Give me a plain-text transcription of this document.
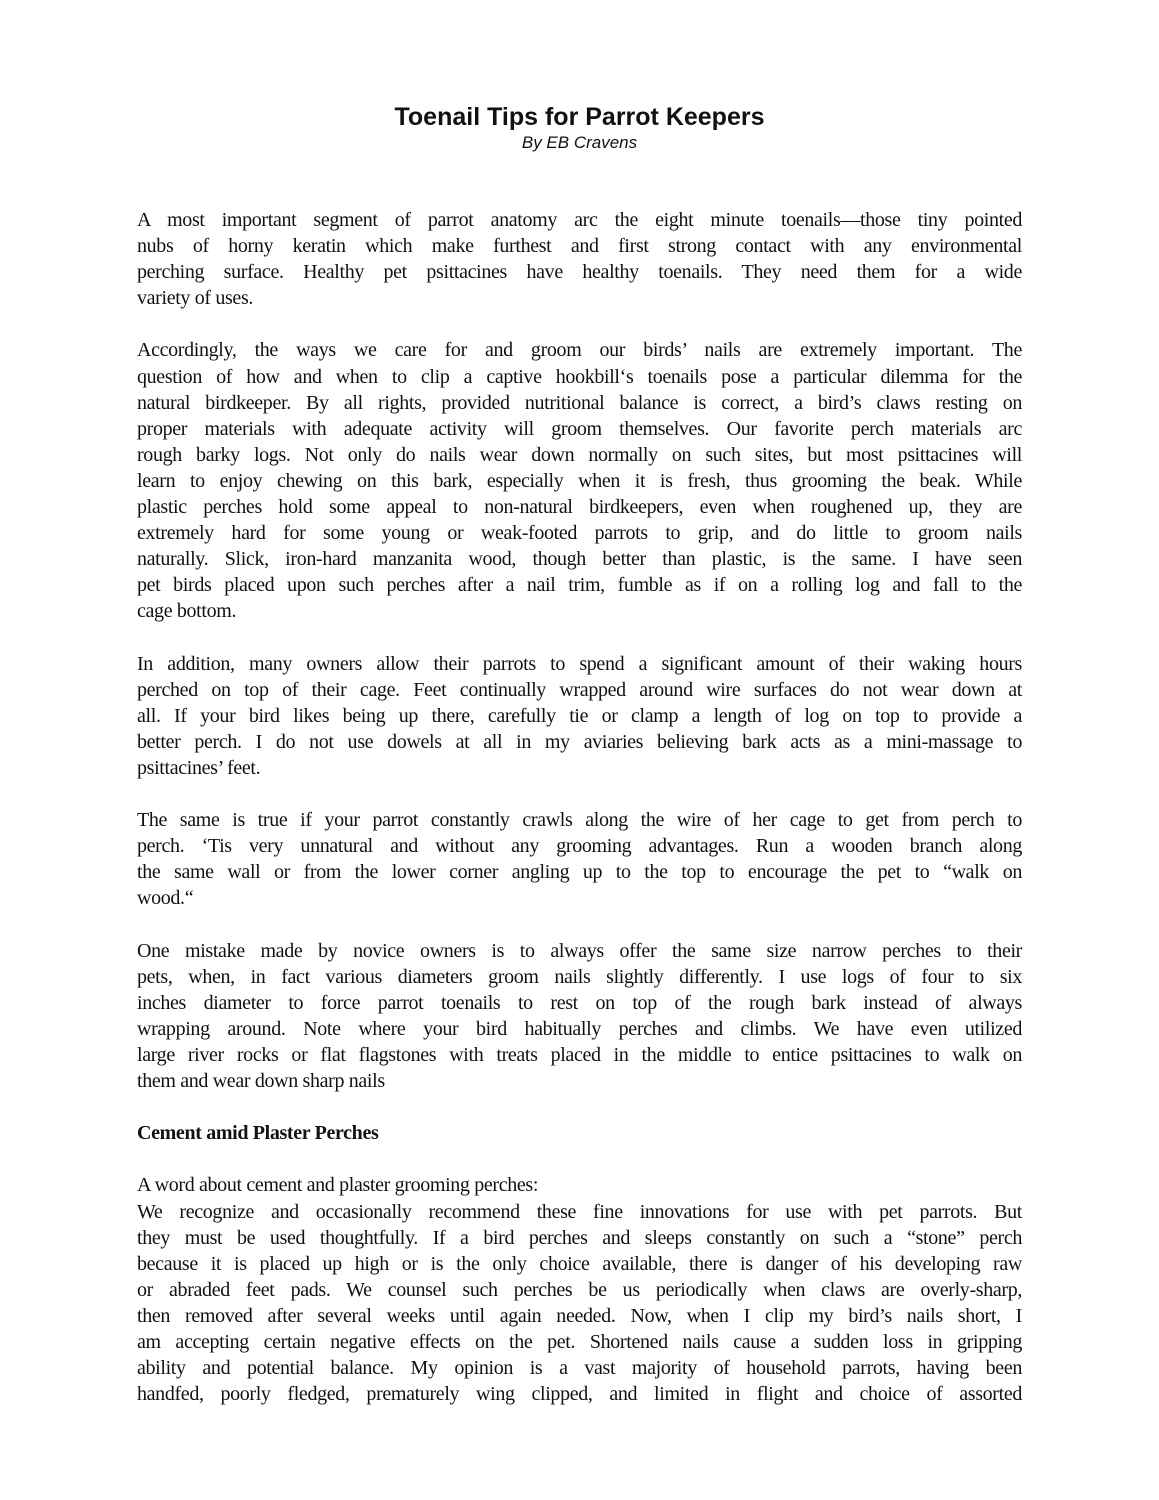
Toenail Tips for Parrot Keepers
By EB Cravens
A most important segment of parrot anatomy arc the eight minute toenails—those tiny pointed
nubs of horny keratin which make furthest and first strong contact with any environmental
perching surface. Healthy pet psittacines have healthy toenails. They need them for a wide
variety of uses.
Accordingly, the ways we care for and groom our birds’ nails are extremely important. The
question of how and when to clip a captive hookbill‘s toenails pose a particular dilemma for the
natural birdkeeper. By all rights, provided nutritional balance is correct, a bird’s claws resting on
proper materials with adequate activity will groom themselves. Our favorite perch materials arc
rough barky logs. Not only do nails wear down normally on such sites, but most psittacines will
learn to enjoy chewing on this bark, especially when it is fresh, thus grooming the beak. While
plastic perches hold some appeal to non-natural birdkeepers, even when roughened up, they are
extremely hard for some young or weak-footed parrots to grip, and do little to groom nails
naturally. Slick, iron-hard manzanita wood, though better than plastic, is the same. I have seen
pet birds placed upon such perches after a nail trim, fumble as if on a rolling log and fall to the
cage bottom.
In addition, many owners allow their parrots to spend a significant amount of their waking hours
perched on top of their cage. Feet continually wrapped around wire surfaces do not wear down at
all. If your bird likes being up there, carefully tie or clamp a length of log on top to provide a
better perch. I do not use dowels at all in my aviaries believing bark acts as a mini-massage to
psittacines’ feet.
The same is true if your parrot constantly crawls along the wire of her cage to get from perch to
perch. ‘Tis very unnatural and without any grooming advantages. Run a wooden branch along
the same wall or from the lower corner angling up to the top to encourage the pet to “walk on
wood.“
One mistake made by novice owners is to always offer the same size narrow perches to their
pets, when, in fact various diameters groom nails slightly differently. I use logs of four to six
inches diameter to force parrot toenails to rest on top of the rough bark instead of always
wrapping around. Note where your bird habitually perches and climbs. We have even utilized
large river rocks or flat flagstones with treats placed in the middle to entice psittacines to walk on
them and wear down sharp nails
Cement amid Plaster Perches
A word about cement and plaster grooming perches:
We recognize and occasionally recommend these fine innovations for use with pet parrots. But
they must be used thoughtfully. If a bird perches and sleeps constantly on such a “stone” perch
because it is placed up high or is the only choice available, there is danger of his developing raw
or abraded feet pads. We counsel such perches be us periodically when claws are overly-sharp,
then removed after several weeks until again needed. Now, when I clip my bird’s nails short, I
am accepting certain negative effects on the pet. Shortened nails cause a sudden loss in gripping
ability and potential balance. My opinion is a vast majority of household parrots, having been
handfed, poorly fledged, prematurely wing clipped, and limited in flight and choice of assorted
